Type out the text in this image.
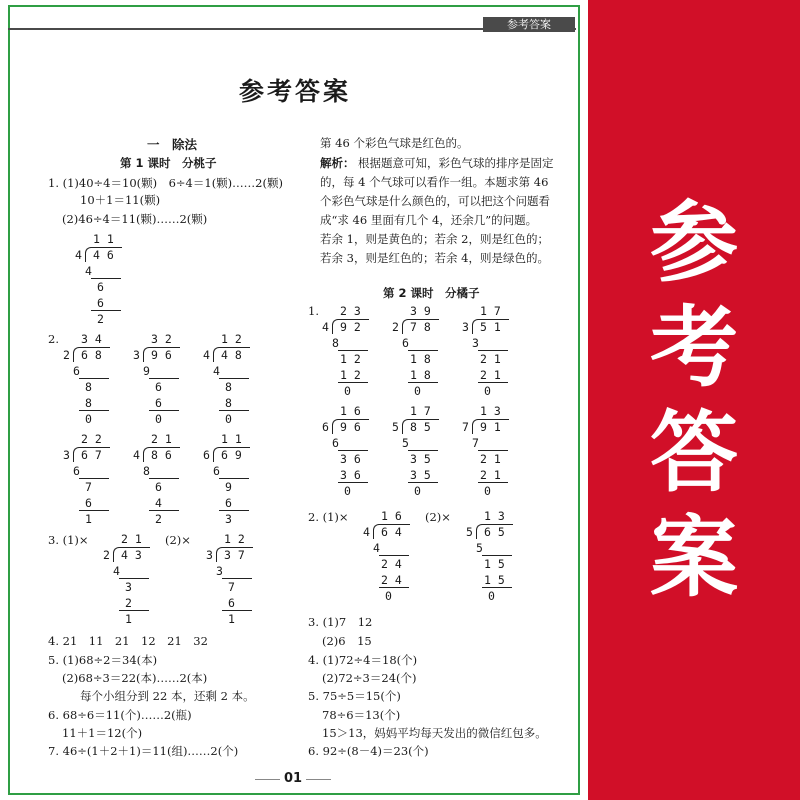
参考答案
参考答案
参
考
答
案
一　除法
第 1 课时　分桃子
1. (1)40÷4＝10(颗)　6÷4＝1(颗)……2(颗)
10＋1＝11(颗)
(2)46÷4＝11(颗)……2(颗)
2.
3. (1)×	(2)×
4. 21　11　21　12　21　32
5. (1)68÷2＝34(本)
(2)68÷3＝22(本)……2(本)
每个小组分到 22 本，还剩 2 本。
6. 68÷6＝11(个)……2(瓶)
11＋1＝12(个)
7. 46÷(1＋2＋1)＝11(组)……2(个)
第 46 个彩色气球是红色的。
解析： 根据题意可知，彩色气球的排序是固定
的，每 4 个气球可以看作一组。本题求第 46
个彩色气球是什么颜色的，可以把这个问题看
成“求 46 里面有几个 4，还余几”的问题。
若余 1，则是黄色的；若余 2，则是红色的；
若余 3，则是红色的；若余 4，则是绿色的。
第 2 课时　分橘子
1.
2. (1)×	(2)×
3. (1)7　12
(2)6　15
4. (1)72÷4＝18(个)
(2)72÷3＝24(个)
5. 75÷5＝15(个)
78÷6＝13(个)
15＞13，妈妈平均每天发出的微信红包多。
6. 92÷(8－4)＝23(个)
01
1 1
4 4 6
4
6
6
2
3 4
2 6 8
6
8
8
0
3 2
3 9 6
9
6
6
0
1 2
4 4 8
4
8
8
0
2 2
3 6 7
6
7
6
1
2 1
4 8 6
8
6
4
2
1 1
6 6 9
6
9
6
3
2 1
2 4 3
4
3
2
1
1 2
3 3 7
3
7
6
1
2 3
4 9 2
8
1 2
1 2
0
3 9
2 7 8
6
1 8
1 8
0
1 7
3 5 1
3
2 1
2 1
0
1 6
6 9 6
6
3 6
3 6
0
1 7
5 8 5
5
3 5
3 5
0
1 3
7 9 1
7
2 1
2 1
0
1 6
4 6 4
4
2 4
2 4
0
1 3
5 6 5
5
1 5
1 5
0
